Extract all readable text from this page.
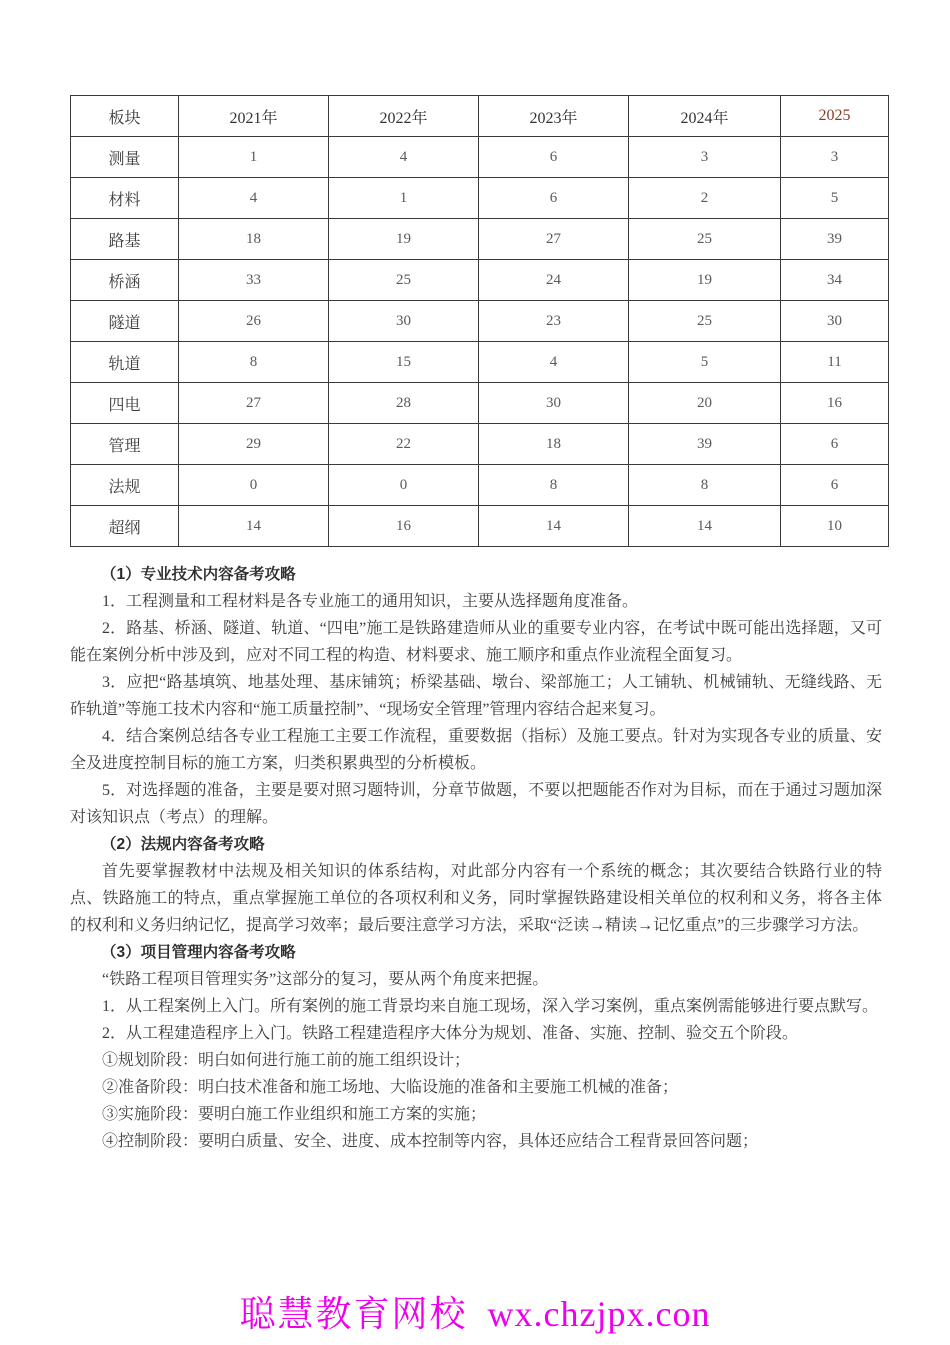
板块	2021年	2022年	2023年	2024年	2025
测量	1	4	6	3	3
材料	4	1	6	2	5
路基	18	19	27	25	39
桥涵	33	25	24	19	34
隧道	26	30	23	25	30
轨道	8	15	4	5	11
四电	27	28	30	20	16
管理	29	22	18	39	6
法规	0	0	8	8	6
超纲	14	16	14	14	10

（1）专业技术内容备考攻略

1．工程测量和工程材料是各专业施工的通用知识，主要从选择题角度准备。

2．路基、桥涵、隧道、轨道、“四电”施工是铁路建造师从业的重要专业内容，在考试中既可能出选择题，又可能在案例分析中涉及到，应对不同工程的构造、材料要求、施工顺序和重点作业流程全面复习。

3．应把“路基填筑、地基处理、基床铺筑；桥梁基础、墩台、梁部施工；人工铺轨、机械铺轨、无缝线路、无砟轨道”等施工技术内容和“施工质量控制”、“现场安全管理”管理内容结合起来复习。

4．结合案例总结各专业工程施工主要工作流程，重要数据（指标）及施工要点。针对为实现各专业的质量、安全及进度控制目标的施工方案，归类积累典型的分析模板。

5．对选择题的准备，主要是要对照习题特训，分章节做题，不要以把题能否作对为目标，而在于通过习题加深对该知识点（考点）的理解。

（2）法规内容备考攻略

首先要掌握教材中法规及相关知识的体系结构，对此部分内容有一个系统的概念；其次要结合铁路行业的特点、铁路施工的特点，重点掌握施工单位的各项权利和义务，同时掌握铁路建设相关单位的权利和义务，将各主体的权利和义务归纳记忆，提高学习效率；最后要注意学习方法，采取“泛读→精读→记忆重点”的三步骤学习方法。

（3）项目管理内容备考攻略

“铁路工程项目管理实务”这部分的复习，要从两个角度来把握。

1．从工程案例上入门。所有案例的施工背景均来自施工现场，深入学习案例，重点案例需能够进行要点默写。

2．从工程建造程序上入门。铁路工程建造程序大体分为规划、准备、实施、控制、验交五个阶段。

①规划阶段：明白如何进行施工前的施工组织设计；

②准备阶段：明白技术准备和施工场地、大临设施的准备和主要施工机械的准备；

③实施阶段：要明白施工作业组织和施工方案的实施；

④控制阶段：要明白质量、安全、进度、成本控制等内容，具体还应结合工程背景回答问题；

聪慧教育网校 wx.chzjpx.con
